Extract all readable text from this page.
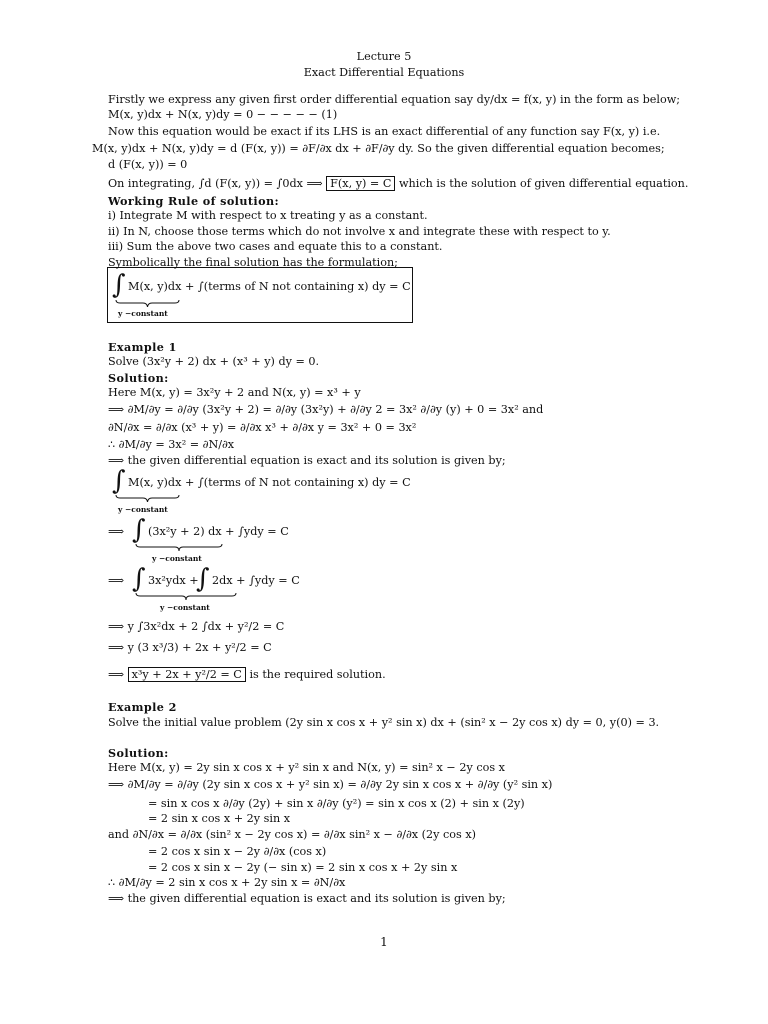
Lecture 5
Exact Differential Equations
Firstly we express any given first order differential equation say dy/dx = f(x, y) in the form as below;
M(x, y)dx + N(x, y)dy = 0 − − − − − (1)
Now this equation would be exact if its LHS is an exact differential of any function say F(x, y) i.e.
M(x, y)dx + N(x, y)dy = d (F(x, y)) = ∂F/∂x dx + ∂F/∂y dy. So the given differential equation becomes;
d (F(x, y)) = 0
On integrating, ∫d (F(x, y)) = ∫0dx ⟹ F(x, y) = C which is the solution of given differential equation.
Working Rule of solution:
i) Integrate M with respect to x treating y as a constant.
ii) In N, choose those terms which do not involve x and integrate these with respect to y.
iii) Sum the above two cases and equate this to a constant.
Symbolically the final solution has the formulation;
∫ M(x, y)dx + ∫(terms of N not containing x) dy = C
y −constant
Example 1
Solve (3x²y + 2) dx + (x³ + y) dy = 0.
Solution:
Here M(x, y) = 3x²y + 2 and N(x, y) = x³ + y
⟹ ∂M/∂y = ∂/∂y (3x²y + 2) = ∂/∂y (3x²y) + ∂/∂y 2 = 3x² ∂/∂y (y) + 0 = 3x² and
∂N/∂x = ∂/∂x (x³ + y) = ∂/∂x x³ + ∂/∂x y = 3x² + 0 = 3x²
∴ ∂M/∂y = 3x² = ∂N/∂x
⟹ the given differential equation is exact and its solution is given by;
∫ M(x, y)dx + ∫(terms of N not containing x) dy = C
y −constant
⟹ ∫ (3x²y + 2) dx + ∫ydy = C
y −constant
⟹ ∫ 3x²ydx +
∫ 2dx + ∫ydy = C
y −constant
⟹ y ∫3x²dx + 2 ∫dx + y²/2 = C
⟹ y (3 x³/3) + 2x + y²/2 = C
⟹ x³y + 2x + y²/2 = C is the required solution.
Example 2
Solve the initial value problem (2y sin x cos x + y² sin x) dx + (sin² x − 2y cos x) dy = 0, y(0) = 3.
Solution:
Here M(x, y) = 2y sin x cos x + y² sin x and N(x, y) = sin² x − 2y cos x
⟹ ∂M/∂y = ∂/∂y (2y sin x cos x + y² sin x) = ∂/∂y 2y sin x cos x + ∂/∂y (y² sin x)
= sin x cos x ∂/∂y (2y) + sin x ∂/∂y (y²) = sin x cos x (2) + sin x (2y)
= 2 sin x cos x + 2y sin x
and ∂N/∂x = ∂/∂x (sin² x − 2y cos x) = ∂/∂x sin² x − ∂/∂x (2y cos x)
= 2 cos x sin x − 2y ∂/∂x (cos x)
= 2 cos x sin x − 2y (− sin x) = 2 sin x cos x + 2y sin x
∴ ∂M/∂y = 2 sin x cos x + 2y sin x = ∂N/∂x
⟹ the given differential equation is exact and its solution is given by;
1
